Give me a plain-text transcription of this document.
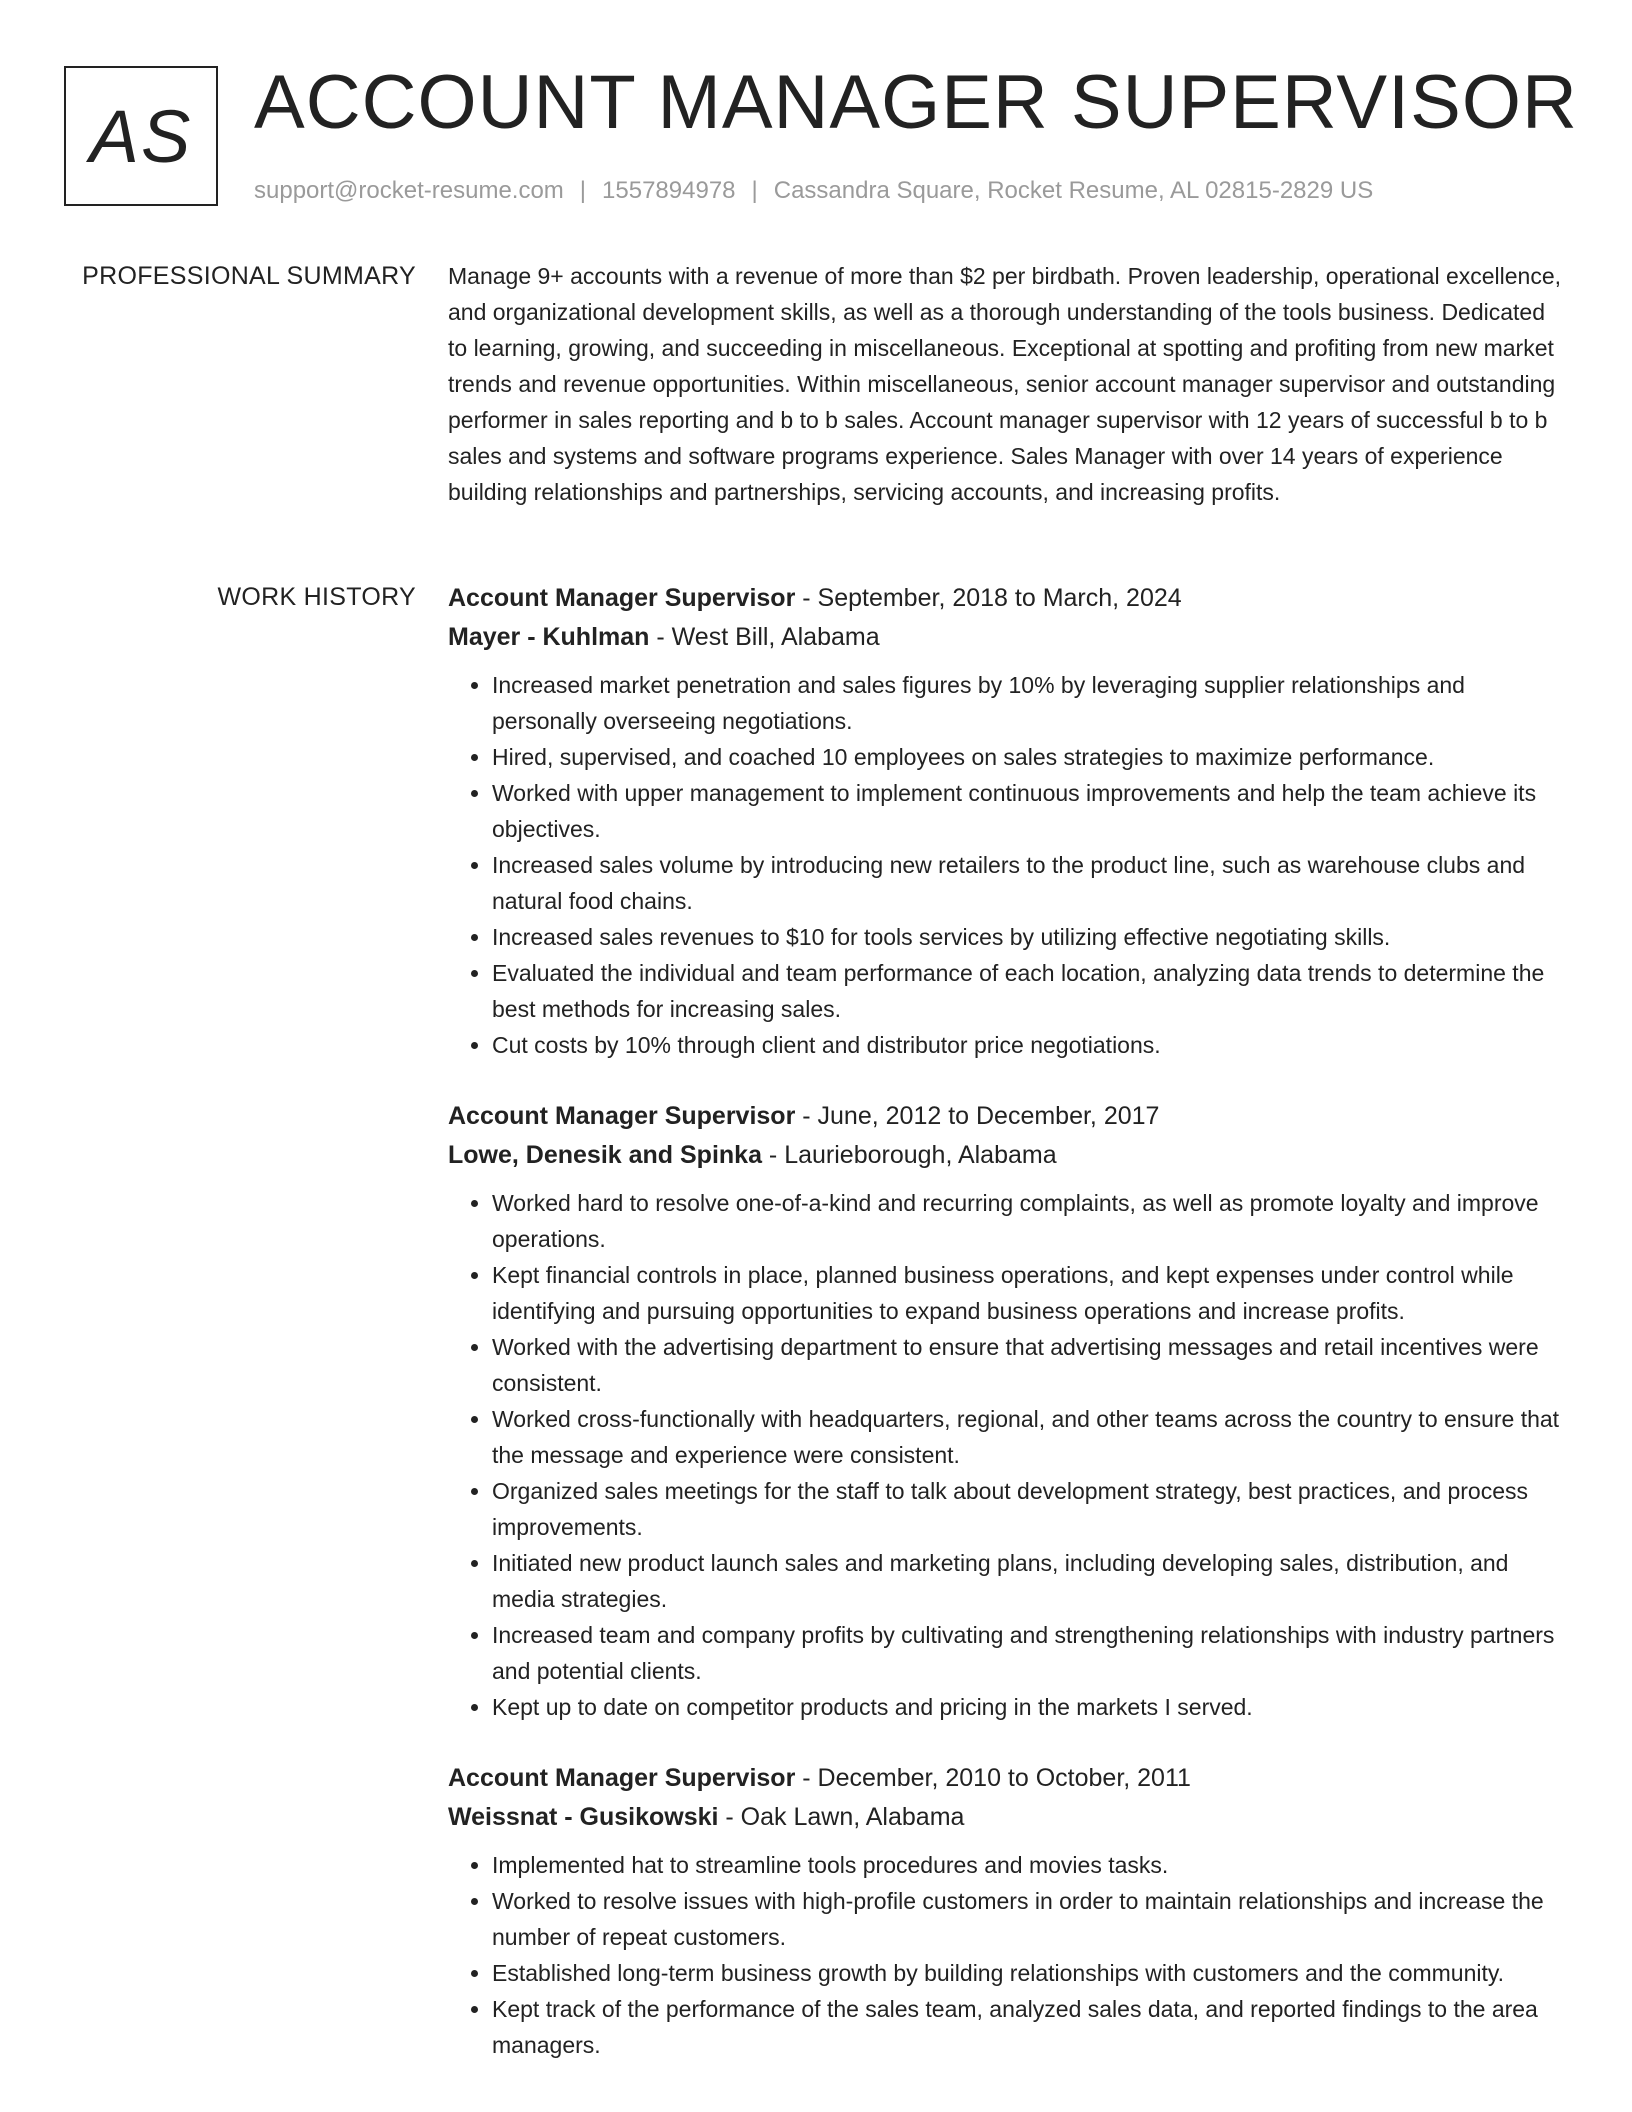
AS ACCOUNT MANAGER SUPERVISOR
support@rocket-resume.com | 1557894978 | Cassandra Square, Rocket Resume, AL 02815-2829 US
PROFESSIONAL SUMMARY Manage 9+ accounts with a revenue of more than $2 per birdbath. Proven leadership, operational excellence, and organizational development skills, as well as a thorough understanding of the tools business. Dedicated to learning, growing, and succeeding in miscellaneous. Exceptional at spotting and profiting from new market trends and revenue opportunities. Within miscellaneous, senior account manager supervisor and outstanding performer in sales reporting and b to b sales. Account manager supervisor with 12 years of successful b to b sales and systems and software programs experience. Sales Manager with over 14 years of experience building relationships and partnerships, servicing accounts, and increasing profits.

WORK HISTORY Account Manager Supervisor - September, 2018 to March, 2024
Mayer - Kuhlman - West Bill, Alabama
• Increased market penetration and sales figures by 10% by leveraging supplier relationships and personally overseeing negotiations.
• Hired, supervised, and coached 10 employees on sales strategies to maximize performance.
• Worked with upper management to implement continuous improvements and help the team achieve its objectives.
• Increased sales volume by introducing new retailers to the product line, such as warehouse clubs and natural food chains.
• Increased sales revenues to $10 for tools services by utilizing effective negotiating skills.
• Evaluated the individual and team performance of each location, analyzing data trends to determine the best methods for increasing sales.
• Cut costs by 10% through client and distributor price negotiations.
Account Manager Supervisor - June, 2012 to December, 2017
Lowe, Denesik and Spinka - Laurieborough, Alabama
• Worked hard to resolve one-of-a-kind and recurring complaints, as well as promote loyalty and improve operations.
• Kept financial controls in place, planned business operations, and kept expenses under control while identifying and pursuing opportunities to expand business operations and increase profits.
• Worked with the advertising department to ensure that advertising messages and retail incentives were consistent.
• Worked cross-functionally with headquarters, regional, and other teams across the country to ensure that the message and experience were consistent.
• Organized sales meetings for the staff to talk about development strategy, best practices, and process improvements.
• Initiated new product launch sales and marketing plans, including developing sales, distribution, and media strategies.
• Increased team and company profits by cultivating and strengthening relationships with industry partners and potential clients.
• Kept up to date on competitor products and pricing in the markets I served.
Account Manager Supervisor - December, 2010 to October, 2011
Weissnat - Gusikowski - Oak Lawn, Alabama
• Implemented hat to streamline tools procedures and movies tasks.
• Worked to resolve issues with high-profile customers in order to maintain relationships and increase the number of repeat customers.
• Established long-term business growth by building relationships with customers and the community.
• Kept track of the performance of the sales team, analyzed sales data, and reported findings to the area managers.
